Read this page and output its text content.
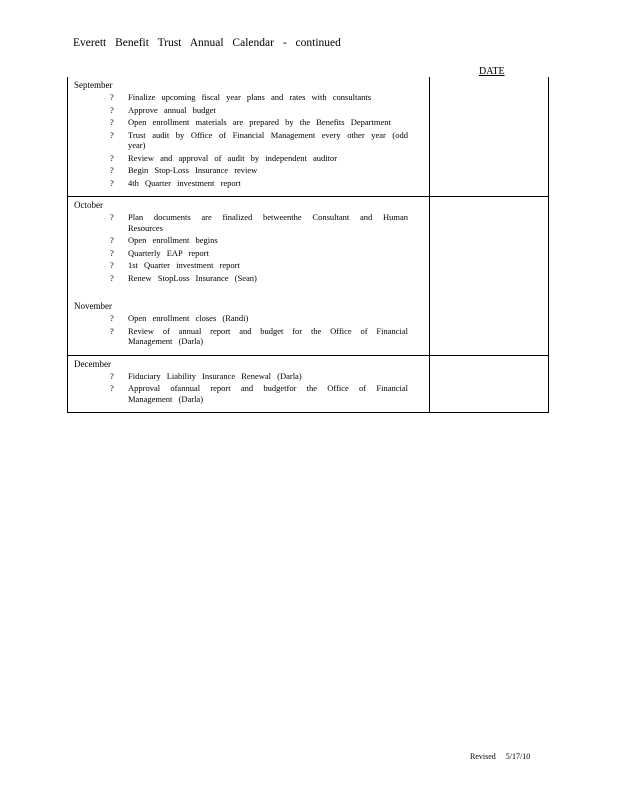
Everett Benefit Trust Annual Calendar - continued
DATE
September
?	Finalize upcoming fiscal year plans and rates with consultants
?	Approve annual budget
?	Open enrollment materials are prepared by the Benefits Department
?	Trust audit by Office of Financial Management every other year (odd year)
?	Review and approval of audit by independent auditor
?	Begin Stop-Loss Insurance review
?	4th Quarter investment report
October
?	Plan documents are finalized betweenthe Consultant and Human Resources
?	Open enrollment begins
?	Quarterly EAP report
?	1st Quarter investment report
?	Renew StopLoss Insurance (Sean)
November
?	Open enrollment closes (Randi)
?	Review of annual report and budget for the Office of Financial Management (Darla)
December
?	Fiduciary Liability Insurance Renewal (Darla)
?	Approval ofannual report and budgetfor the Office of Financial Management (Darla)
Revised 5/17/10
